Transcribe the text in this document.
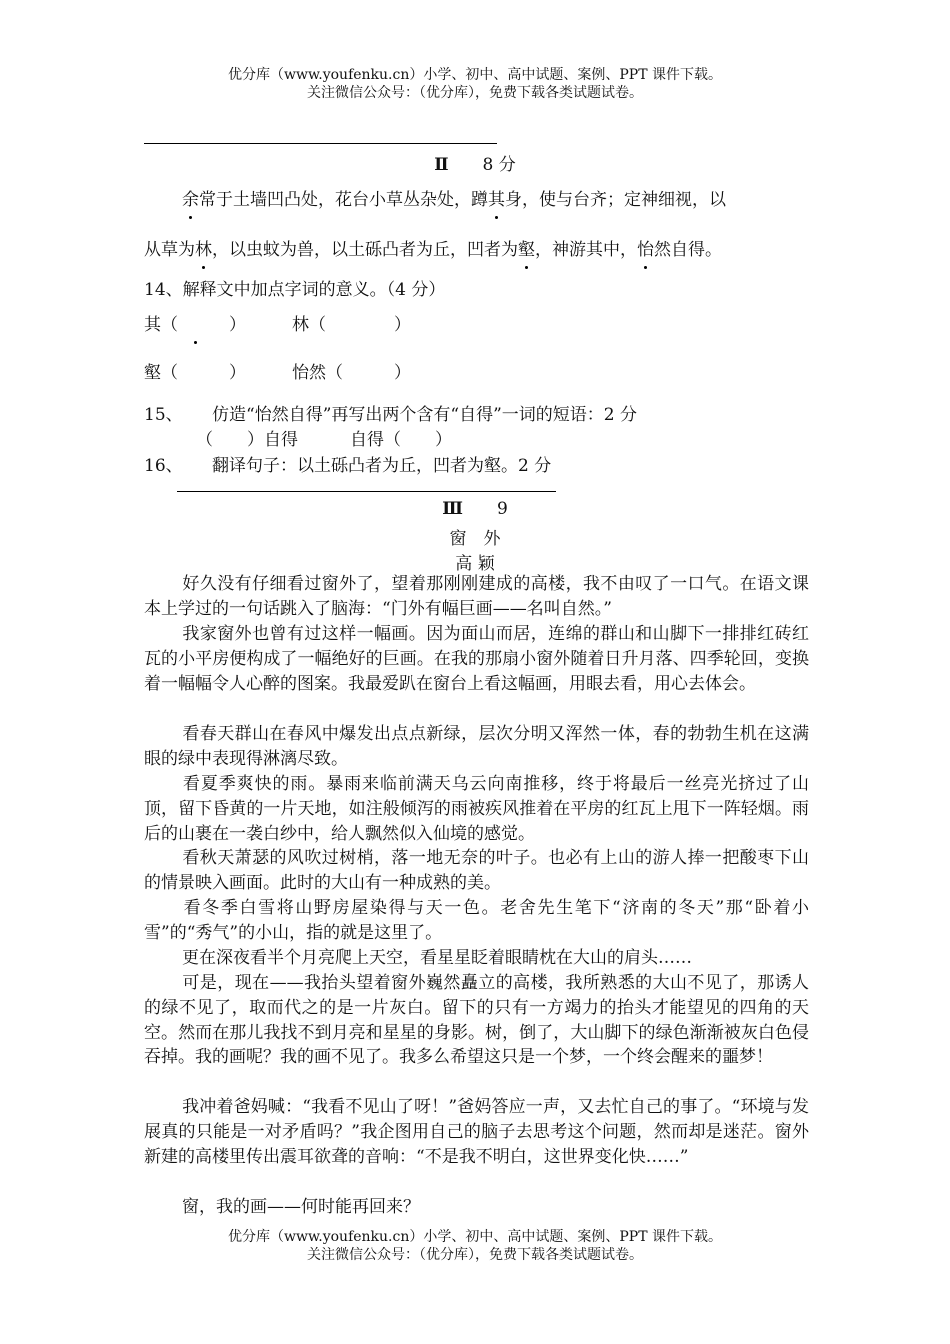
优分库（www.youfenku.cn）小学、初中、高中试题、案例、PPT 课件下载。
关注微信公众号：（优分库），免费下载各类试题试卷。
Ⅱ 8 分
余常于土墙凹凸处，花台小草丛杂处，蹲其身，使与台齐；定神细视，以
从草为林，以虫蚊为兽，以土砾凸者为丘，凹者为壑，神游其中，怡然自得。
14、解释文中加点字词的意义。（4 分）
其（　　　）	林（　　　　）
壑（　　　）	怡然（　　　）
15、 仿造“怡然自得”再写出两个含有“自得”一词的短语：2 分
（　　）自得	自得（　　）
16、 翻译句子：以土砾凸者为丘，凹者为壑。2 分
Ⅲ 9
窗　外
高 颖
好久没有仔细看过窗外了，望着那刚刚建成的高楼，我不由叹了一口气。在语文课本上学过的一句话跳入了脑海：“门外有幅巨画——名叫自然。”
我家窗外也曾有过这样一幅画。因为面山而居，连绵的群山和山脚下一排排红砖红瓦的小平房便构成了一幅绝好的巨画。在我的那扇小窗外随着日升月落、四季轮回，变换着一幅幅令人心醉的图案。我最爱趴在窗台上看这幅画，用眼去看，用心去体会。
看春天群山在春风中爆发出点点新绿，层次分明又浑然一体，春的勃勃生机在这满眼的绿中表现得淋漓尽致。
看夏季爽快的雨。暴雨来临前满天乌云向南推移，终于将最后一丝亮光挤过了山顶，留下昏黄的一片天地，如注般倾泻的雨被疾风推着在平房的红瓦上甩下一阵轻烟。雨后的山裹在一袭白纱中，给人飘然似入仙境的感觉。
看秋天萧瑟的风吹过树梢，落一地无奈的叶子。也必有上山的游人捧一把酸枣下山的情景映入画面。此时的大山有一种成熟的美。
看冬季白雪将山野房屋染得与天一色。老舍先生笔下“济南的冬天”那“卧着小雪”的“秀气”的小山，指的就是这里了。
更在深夜看半个月亮爬上天空，看星星眨着眼睛枕在大山的肩头……
可是，现在——我抬头望着窗外巍然矗立的高楼，我所熟悉的大山不见了，那诱人的绿不见了，取而代之的是一片灰白。留下的只有一方竭力的抬头才能望见的四角的天空。然而在那儿我找不到月亮和星星的身影。树，倒了，大山脚下的绿色渐渐被灰白色侵吞掉。我的画呢？我的画不见了。我多么希望这只是一个梦，一个终会醒来的噩梦！
我冲着爸妈喊：“我看不见山了呀！”爸妈答应一声，又去忙自己的事了。“环境与发展真的只能是一对矛盾吗？”我企图用自己的脑子去思考这个问题，然而却是迷茫。窗外新建的高楼里传出震耳欲聋的音响：“不是我不明白，这世界变化快……”
窗，我的画——何时能再回来？
优分库（www.youfenku.cn）小学、初中、高中试题、案例、PPT 课件下载。
关注微信公众号：（优分库），免费下载各类试题试卷。
